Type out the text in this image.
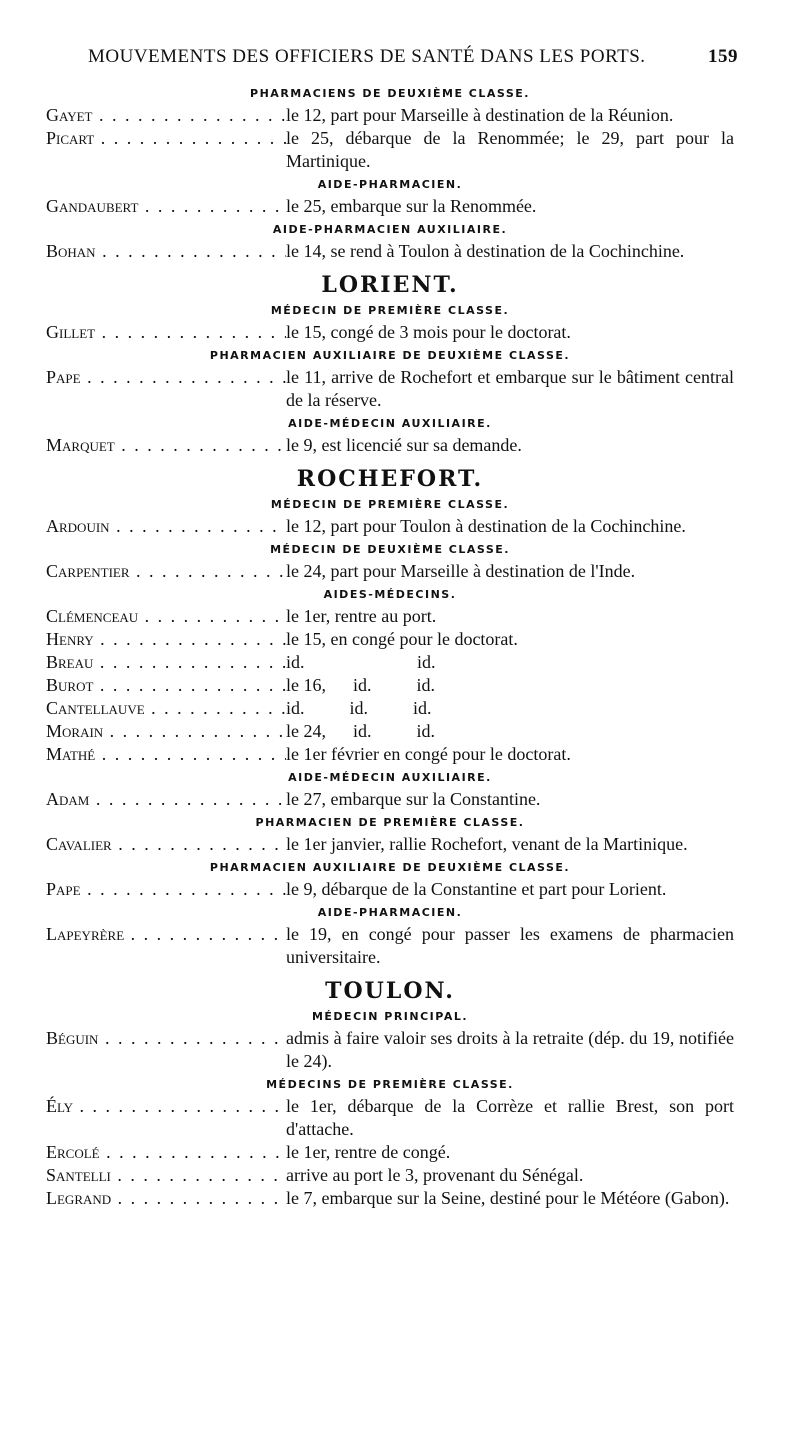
MOUVEMENTS DES OFFICIERS DE SANTÉ DANS LES PORTS.	159
PHARMACIENS DE DEUXIÈME CLASSE.
Gayet . . .	le 12, part pour Marseille à destination de la Réunion.
Picart . . .	le 25, débarque de la Renommée; le 29, part pour la Martinique.
AIDE-PHARMACIEN.
Gandaubert . . .	le 25, embarque sur la Renommée.
AIDE-PHARMACIEN AUXILIAIRE.
Bohan . . .	le 14, se rend à Toulon à destination de la Cochinchine.
LORIENT.
MÉDECIN DE PREMIÈRE CLASSE.
Gillet . . .	le 15, congé de 3 mois pour le doctorat.
PHARMACIEN AUXILIAIRE DE DEUXIÈME CLASSE.
Pape . . .	le 11, arrive de Rochefort et embarque sur le bâtiment central de la réserve.
AIDE-MÉDECIN AUXILIAIRE.
Marquet . . .	le 9, est licencié sur sa demande.
ROCHEFORT.
MÉDECIN DE PREMIÈRE CLASSE.
Ardouin . . .	le 12, part pour Toulon à destination de la Cochinchine.
MÉDECIN DE DEUXIÈME CLASSE.
Carpentier . . .	le 24, part pour Marseille à destination de l'Inde.
AIDES-MÉDECINS.
Clémenceau . . .	le 1er, rentre au port.
Henry . . .	le 15, en congé pour le doctorat.
Breau . . .	id.                         id.
Burot . . .	le 16,      id.          id.
Cantellauve . . .	id.          id.          id.
Morain . . .	le 24,      id.          id.
Mathé . . .	le 1er février en congé pour le doctorat.
AIDE-MÉDECIN AUXILIAIRE.
Adam . . .	le 27, embarque sur la Constantine.
PHARMACIEN DE PREMIÈRE CLASSE.
Cavalier . . .	le 1er janvier, rallie Rochefort, venant de la Martinique.
PHARMACIEN AUXILIAIRE DE DEUXIÈME CLASSE.
Pape . . .	le 9, débarque de la Constantine et part pour Lorient.
AIDE-PHARMACIEN.
Lapeyrère . . .	le 19, en congé pour passer les examens de pharmacien universitaire.
TOULON.
MÉDECIN PRINCIPAL.
Béguin . . .	admis à faire valoir ses droits à la retraite (dép. du 19, notifiée le 24).
MÉDECINS DE PREMIÈRE CLASSE.
Ély . . .	le 1er, débarque de la Corrèze et rallie Brest, son port d'attache.
Ercolé . . .	le 1er, rentre de congé.
Santelli . . .	arrive au port le 3, provenant du Sénégal.
Legrand . . .	le 7, embarque sur la Seine, destiné pour le Météore (Gabon).
